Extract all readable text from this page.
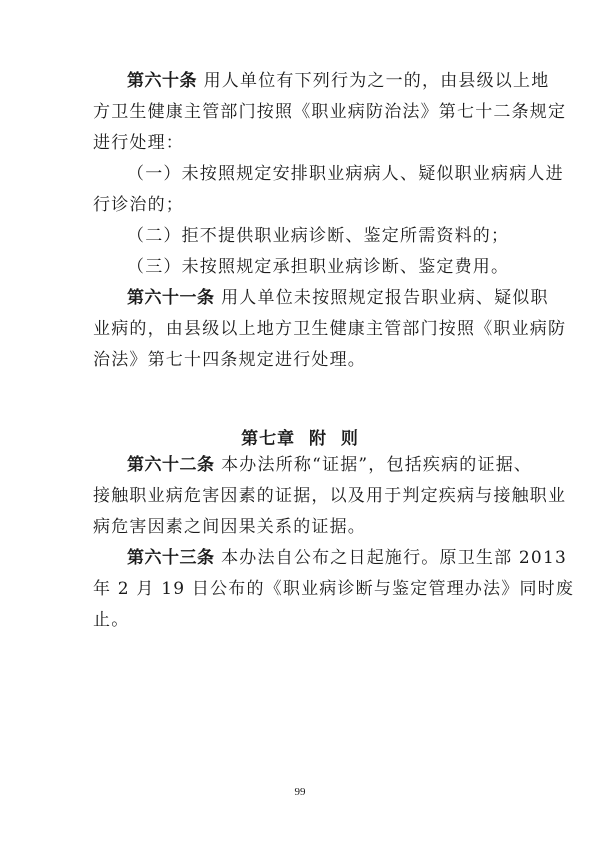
第六十条 用人单位有下列行为之一的，由县级以上地
方卫生健康主管部门按照《职业病防治法》第七十二条规定
进行处理：
（一）未按照规定安排职业病病人、疑似职业病病人进
行诊治的；
（二）拒不提供职业病诊断、鉴定所需资料的；
（三）未按照规定承担职业病诊断、鉴定费用。
第六十一条 用人单位未按照规定报告职业病、疑似职
业病的，由县级以上地方卫生健康主管部门按照《职业病防
治法》第七十四条规定进行处理。
第七章  附  则
第六十二条 本办法所称“证据”，包括疾病的证据、
接触职业病危害因素的证据，以及用于判定疾病与接触职业
病危害因素之间因果关系的证据。
第六十三条 本办法自公布之日起施行。原卫生部 2013
年 2 月 19 日公布的《职业病诊断与鉴定管理办法》同时废
止。
99
